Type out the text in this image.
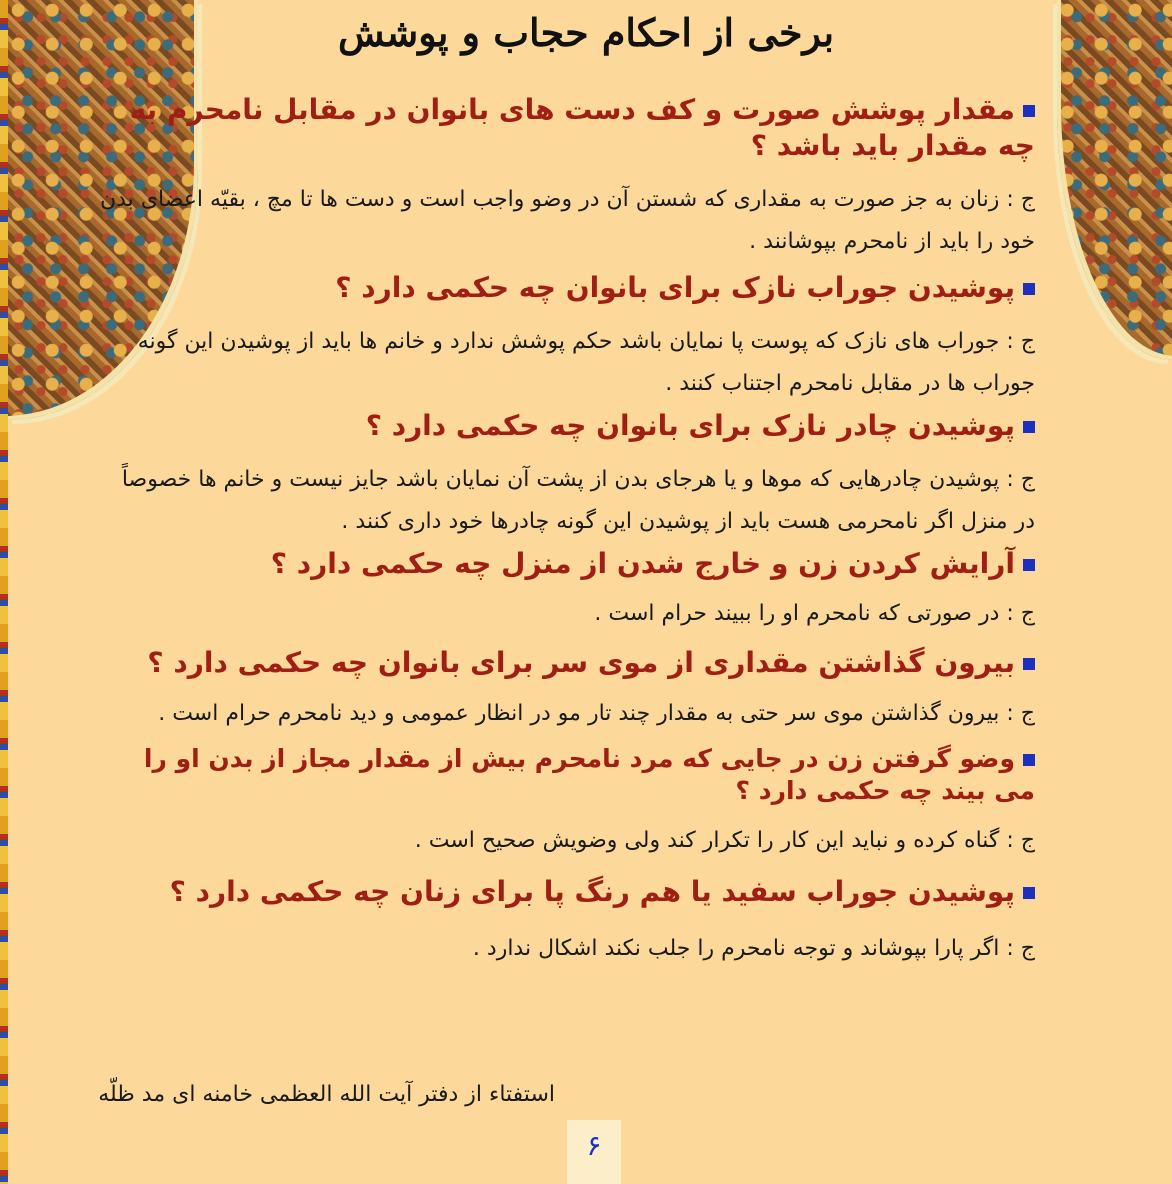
برخی از احکام حجاب و پوشش

مقدار پوشش صورت و کف دست های بانوان در مقابل نامحرم به چه مقدار باید باشد ؟

ج : زنان به جز صورت به مقداری که شستن آن در وضو واجب است و دست ها تا مچ ، بقیّه اعضای بدن خود را باید از نامحرم بپوشانند .

پوشیدن جوراب نازک برای بانوان چه حکمی دارد ؟

ج : جوراب های نازک که پوست پا نمایان باشد حکم پوشش ندارد و خانم ها باید از پوشیدن این گونه جوراب ها در مقابل نامحرم اجتناب کنند .

پوشیدن چادر نازک برای بانوان چه حکمی دارد ؟

ج : پوشیدن چادرهایی که موها و یا هرجای بدن از پشت آن نمایان باشد جایز نیست و خانم ها خصوصاً در منزل اگر نامحرمی هست باید از پوشیدن این گونه چادرها خود داری کنند .

آرایش کردن زن و خارج شدن از منزل چه حکمی دارد ؟

ج : در صورتی که نامحرم او را ببیند حرام است .

بیرون گذاشتن مقداری از موی سر برای بانوان چه حکمی دارد ؟

ج : بیرون گذاشتن موی سر حتی به مقدار چند تار مو در انظار عمومی و دید نامحرم حرام است .

وضو گرفتن زن در جایی که مرد نامحرم بیش از مقدار مجاز از بدن او را می بیند چه حکمی دارد ؟

ج : گناه کرده و نباید این کار را تکرار کند ولی وضویش صحیح است .

پوشیدن جوراب سفید یا هم رنگ پا برای زنان چه حکمی دارد ؟

ج : اگر پارا بپوشاند و توجه نامحرم را جلب نکند اشکال ندارد .

استفتاء از دفتر آیت الله العظمی خامنه ای مد ظلّه

۶
